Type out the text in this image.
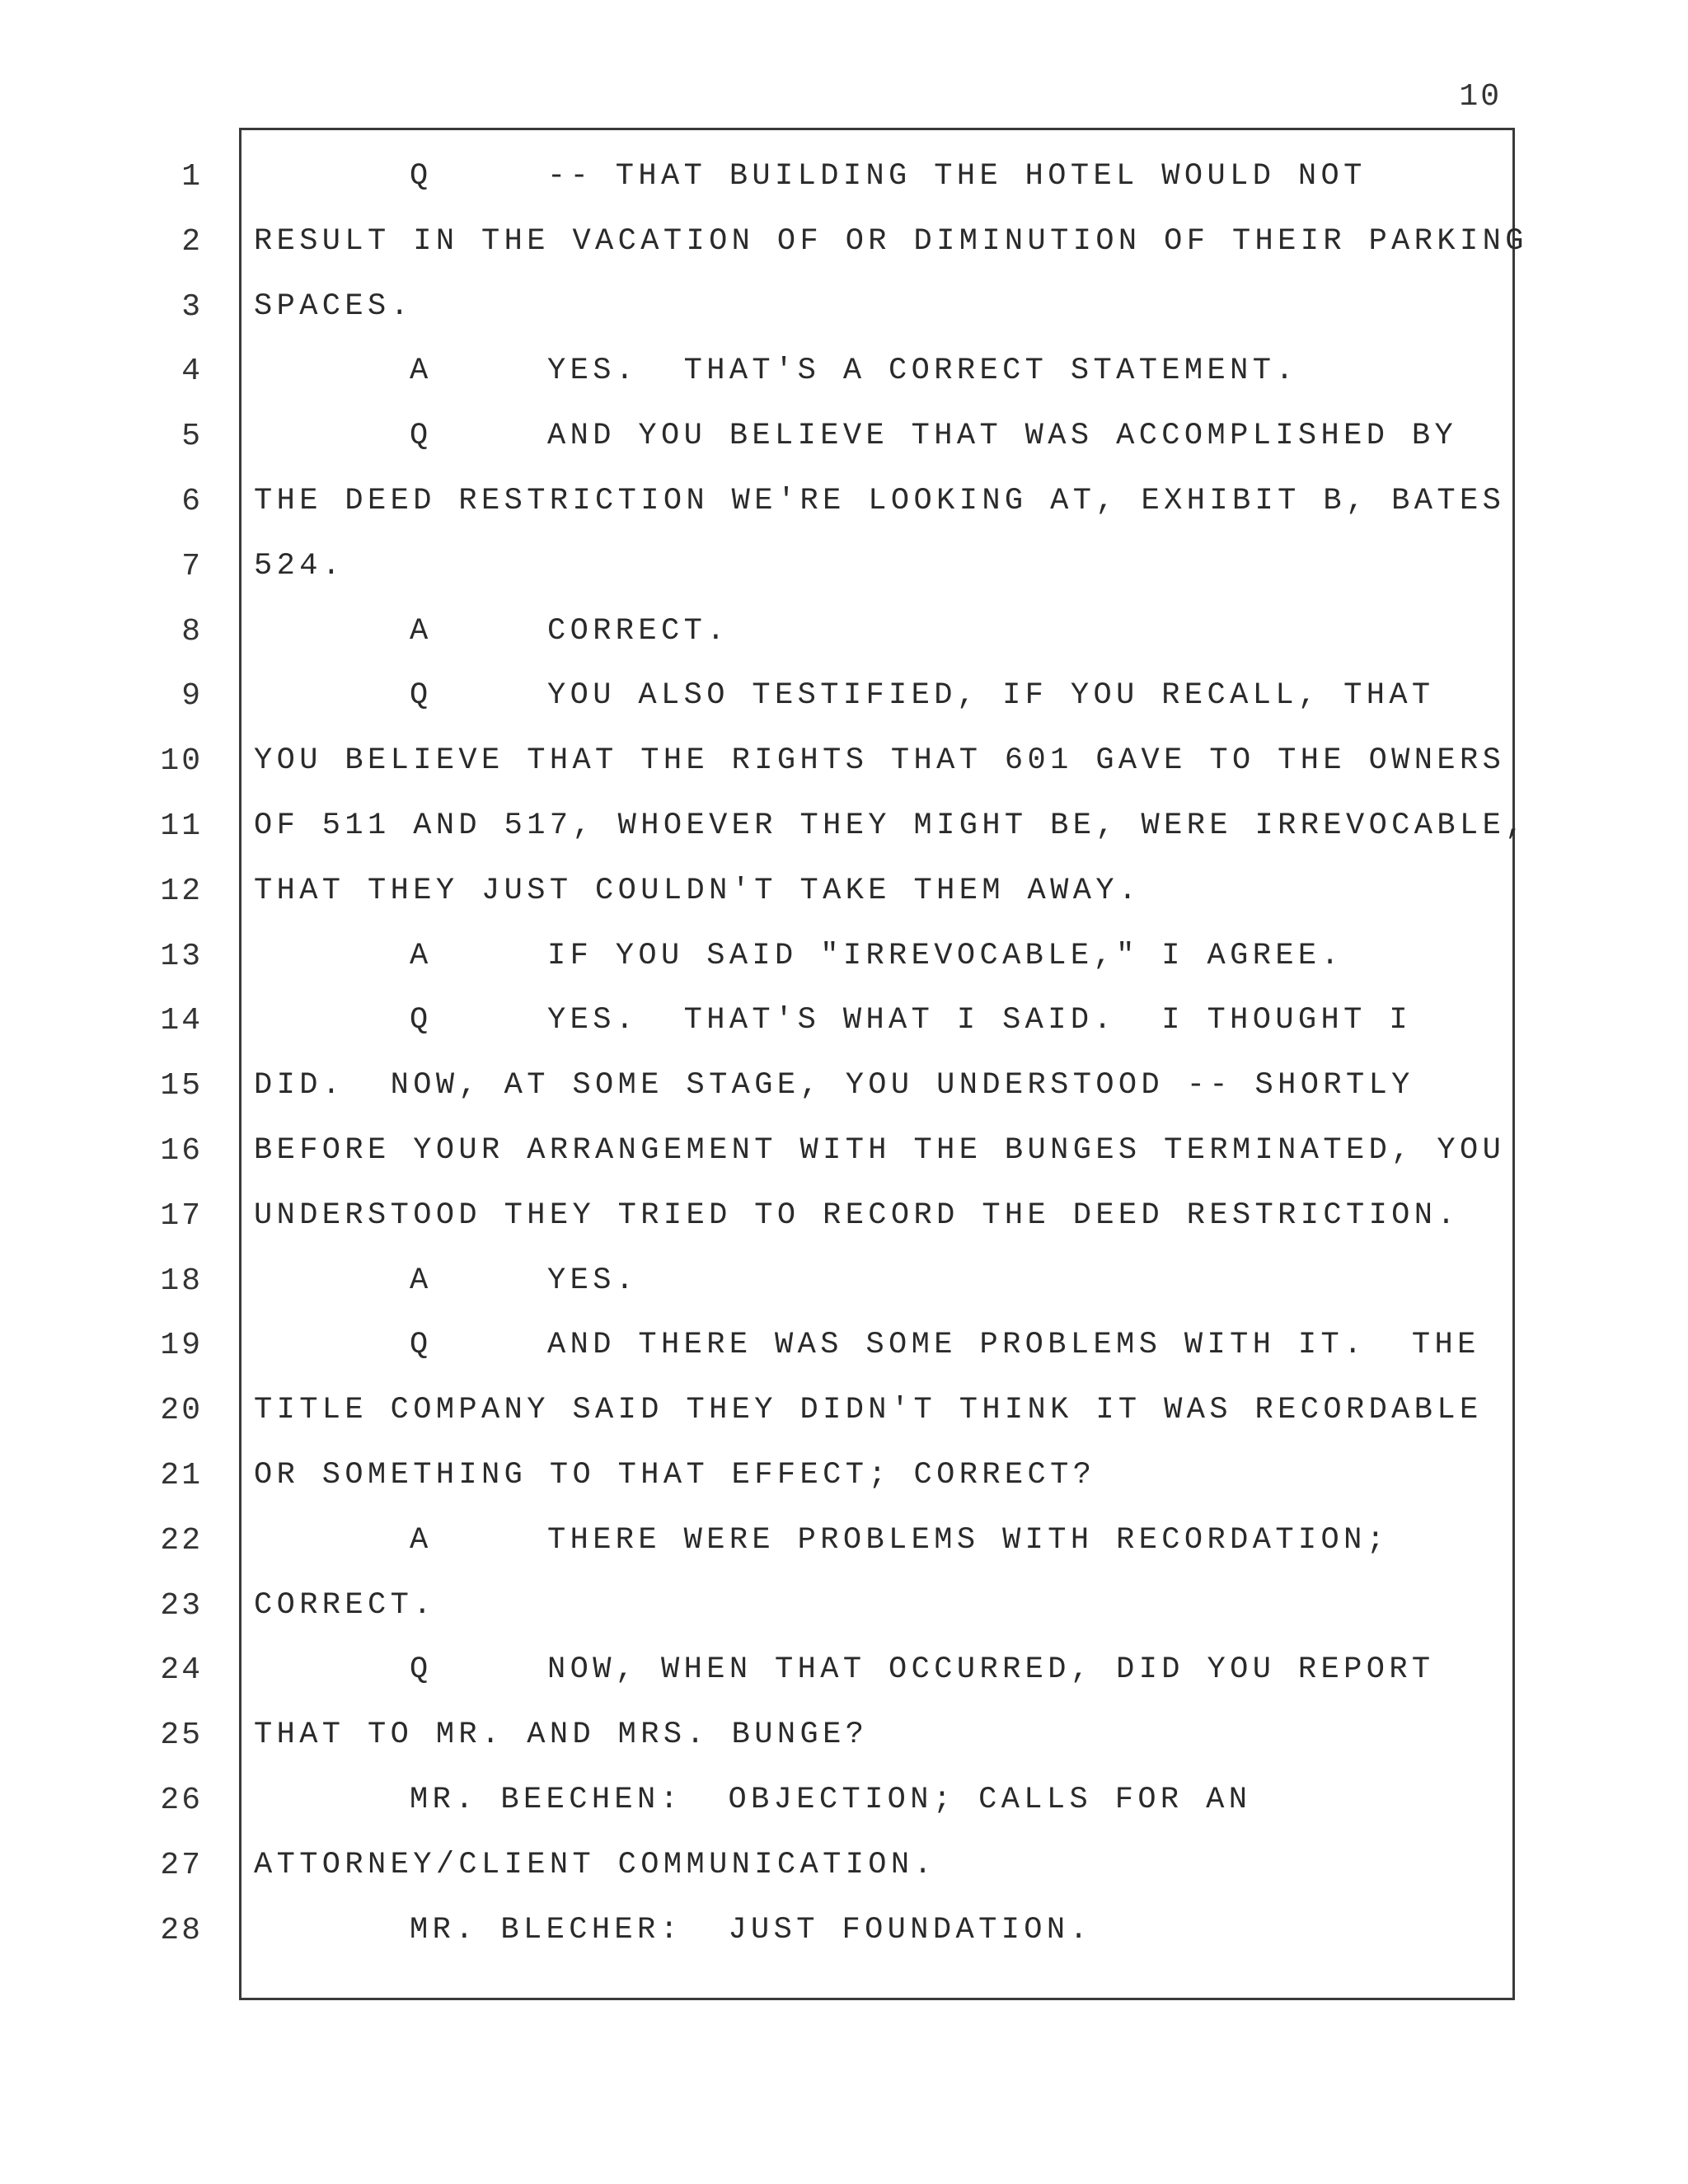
10
1	Q	-- THAT BUILDING THE HOTEL WOULD NOT
2 RESULT IN THE VACATION OF OR DIMINUTION OF THEIR PARKING
3 SPACES.
4	A	YES.  THAT'S A CORRECT STATEMENT.
5	Q	AND YOU BELIEVE THAT WAS ACCOMPLISHED BY
6 THE DEED RESTRICTION WE'RE LOOKING AT, EXHIBIT B, BATES
7 524.
8	A	CORRECT.
9	Q	YOU ALSO TESTIFIED, IF YOU RECALL, THAT
10 YOU BELIEVE THAT THE RIGHTS THAT 601 GAVE TO THE OWNERS
11 OF 511 AND 517, WHOEVER THEY MIGHT BE, WERE IRREVOCABLE,
12 THAT THEY JUST COULDN'T TAKE THEM AWAY.
13	A	IF YOU SAID "IRREVOCABLE," I AGREE.
14	Q	YES.  THAT'S WHAT I SAID.  I THOUGHT I
15 DID.  NOW, AT SOME STAGE, YOU UNDERSTOOD -- SHORTLY
16 BEFORE YOUR ARRANGEMENT WITH THE BUNGES TERMINATED, YOU
17 UNDERSTOOD THEY TRIED TO RECORD THE DEED RESTRICTION.
18	A	YES.
19	Q	AND THERE WAS SOME PROBLEMS WITH IT.  THE
20 TITLE COMPANY SAID THEY DIDN'T THINK IT WAS RECORDABLE
21 OR SOMETHING TO THAT EFFECT; CORRECT?
22	A	THERE WERE PROBLEMS WITH RECORDATION;
23 CORRECT.
24	Q	NOW, WHEN THAT OCCURRED, DID YOU REPORT
25 THAT TO MR. AND MRS. BUNGE?
26	MR. BEECHEN:  OBJECTION; CALLS FOR AN
27 ATTORNEY/CLIENT COMMUNICATION.
28	MR. BLECHER:  JUST FOUNDATION.
